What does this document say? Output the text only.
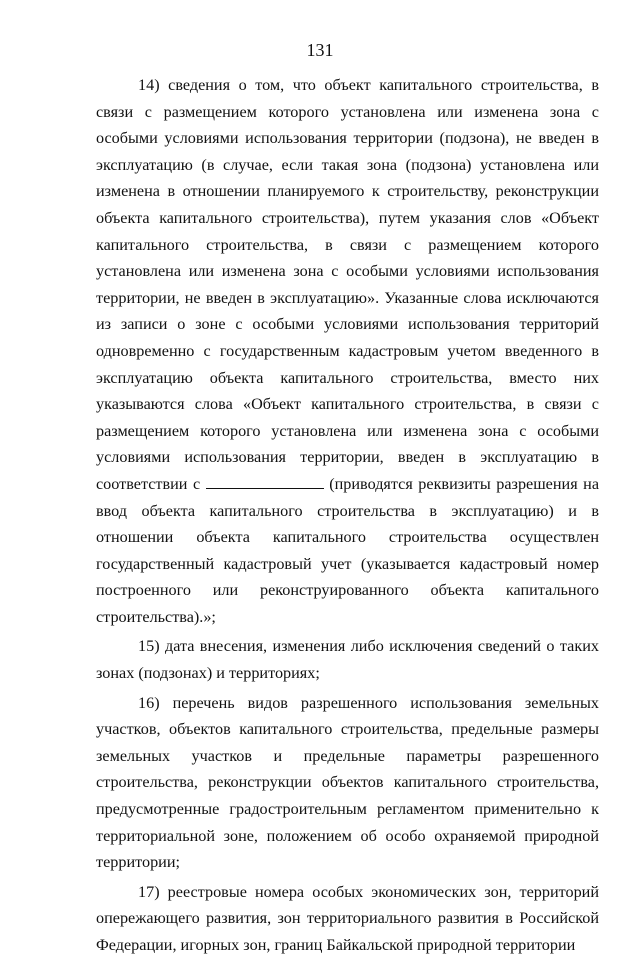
131

14) сведения о том, что объект капитального строительства, в связи с размещением которого установлена или изменена зона с особыми условиями использования территории (подзона), не введен в эксплуатацию (в случае, если такая зона (подзона) установлена или изменена в отношении планируемого к строительству, реконструкции объекта капитального строительства), путем указания слов «Объект капитального строительства, в связи с размещением которого установлена или изменена зона с особыми условиями использования территории, не введен в эксплуатацию». Указанные слова исключаются из записи о зоне с особыми условиями использования территорий одновременно с государственным кадастровым учетом введенного в эксплуатацию объекта капитального строительства, вместо них указываются слова «Объект капитального строительства, в связи с размещением которого установлена или изменена зона с особыми условиями использования территории, введен в эксплуатацию в соответствии с	(приводятся реквизиты разрешения на ввод объекта капитального строительства в эксплуатацию) и в отношении объекта капитального строительства осуществлен государственный кадастровый учет (указывается кадастровый номер построенного или реконструированного объекта капитального строительства).»;

15) дата внесения, изменения либо исключения сведений о таких зонах (подзонах) и территориях;

16) перечень видов разрешенного использования земельных участков, объектов капитального строительства, предельные размеры земельных участков и предельные параметры разрешенного строительства, реконструкции объектов капитального строительства, предусмотренные градостроительным регламентом применительно к территориальной зоне, положением об особо охраняемой природной территории;

17) реестровые номера особых экономических зон, территорий опережающего развития, зон территориального развития в Российской Федерации, игорных зон, границ Байкальской природной территории
